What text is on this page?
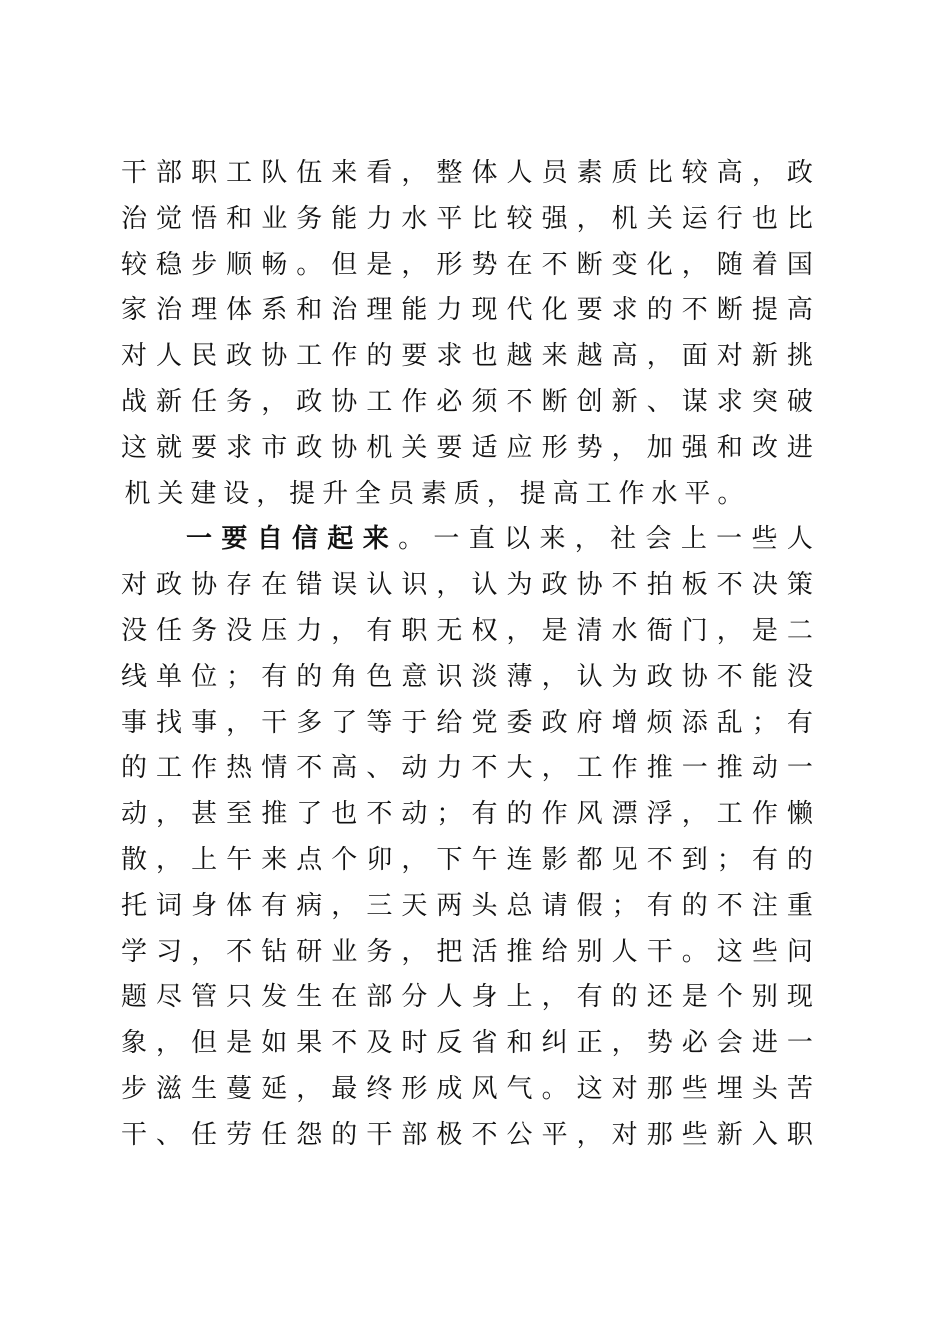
干 部 职 工 队 伍 来 看 ， 整 体 人 员 素 质 比 较 高 ， 政
治 觉 悟 和 业 务 能 力 水 平 比 较 强 ， 机 关 运 行 也 比
较 稳 步 顺 畅 。 但 是 ， 形 势 在 不 断 变 化 ， 随 着 国
家 治 理 体 系 和 治 理 能 力 现 代 化 要 求 的 不 断 提 高
对 人 民 政 协 工 作 的 要 求 也 越 来 越 高 ， 面 对 新 挑
战 新 任 务 ， 政 协 工 作 必 须 不 断 创 新 、 谋 求 突 破
这 就 要 求 市 政 协 机 关 要 适 应 形 势 ， 加 强 和 改 进
机 关 建 设 ， 提 升 全 员 素 质 ， 提 高 工 作 水 平 。
一 要 自 信 起 来 。 一 直 以 来 ， 社 会 上 一 些 人
对 政 协 存 在 错 误 认 识 ， 认 为 政 协 不 拍 板 不 决 策
没 任 务 没 压 力 ， 有 职 无 权 ， 是 清 水 衙 门 ， 是 二
线 单 位 ； 有 的 角 色 意 识 淡 薄 ， 认 为 政 协 不 能 没
事 找 事 ， 干 多 了 等 于 给 党 委 政 府 增 烦 添 乱 ； 有
的 工 作 热 情 不 高 、 动 力 不 大 ， 工 作 推 一 推 动 一
动 ， 甚 至 推 了 也 不 动 ； 有 的 作 风 漂 浮 ， 工 作 懒
散 ， 上 午 来 点 个 卯 ， 下 午 连 影 都 见 不 到 ； 有 的
托 词 身 体 有 病 ， 三 天 两 头 总 请 假 ； 有 的 不 注 重
学 习 ， 不 钻 研 业 务 ， 把 活 推 给 别 人 干 。 这 些 问
题 尽 管 只 发 生 在 部 分 人 身 上 ， 有 的 还 是 个 别 现
象 ， 但 是 如 果 不 及 时 反 省 和 纠 正 ， 势 必 会 进 一
步 滋 生 蔓 延 ， 最 终 形 成 风 气 。 这 对 那 些 埋 头 苦
干 、 任 劳 任 怨 的 干 部 极 不 公 平 ， 对 那 些 新 入 职
